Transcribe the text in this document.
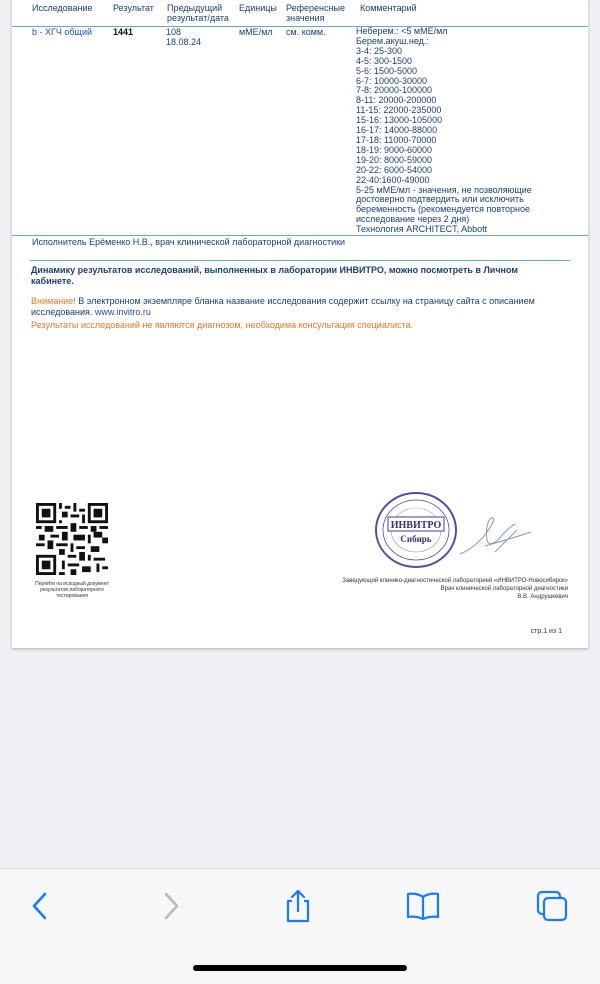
Исследование Результат Предыдущий
результат/дата
Единицы Референсные
значения
Комментарий
b - ХГЧ общий 1441	108
18.08.24
мМЕ/мл см. комм.	Неберем.: <5 мМЕ/мл
Берем.акуш.нед.:
3-4: 25-300
4-5: 300-1500
5-6: 1500-5000
6-7: 10000-30000
7-8: 20000-100000
8-11: 20000-200000
11-15: 22000-235000
15-16: 13000-105000
16-17: 14000-88000
17-18: 11000-70000
18-19: 9000-60000
19-20: 8000-59000
20-22: 6000-54000
22-40:1600-49000
5-25 мМЕ/мл - значения, не позволяющие
достоверно подтвердить или исключить
беременность (рекомендуется повторное
исследование через 2 дня)
Технология ARCHITECT, Abbott
Исполнитель Ерёменко Н.В., врач клинической лабораторной диагностики
Динамику результатов исследований, выполненных в лаборатории ИНВИТРО, можно посмотреть в Личном кабинете.
Внимание! В электронном экземпляре бланка название исследования содержит ссылку на страницу сайта с описанием исследования. www.invitro.ru
Результаты исследований не являются диагнозом, необходима консультация специалиста.
Перейти на исходный документ результатов лабораторного тестирования
ИНВИТРО
Сибирь
Заведующий клинико-диагностической лабораторией «ИНВИТРО-Новосибирск»
Врач клинической лабораторной диагностики
В.В. Андрушкевич
стр.1 из 1
